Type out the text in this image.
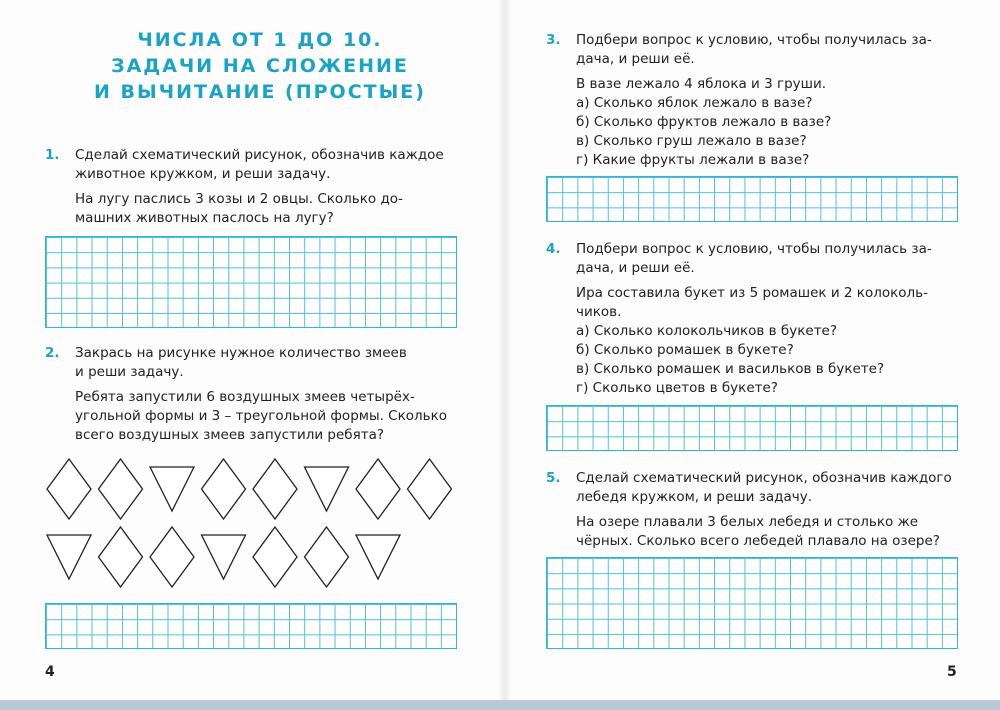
ЧИСЛА ОТ 1 ДО 10.
ЗАДАЧИ НА СЛОЖЕНИЕ
И ВЫЧИТАНИЕ (ПРОСТЫЕ)
1. Сделай схематический рисунок, обозначив каждое
животное кружком, и реши задачу.
На лугу паслись 3 козы и 2 овцы. Сколько до-
машних животных паслось на лугу?
2. Закрась на рисунке нужное количество змеев
и реши задачу.
Ребята запустили 6 воздушных змеев четырёх-
угольной формы и 3 – треугольной формы. Сколько
всего воздушных змеев запустили ребята?
4
3. Подбери вопрос к условию, чтобы получилась за-
дача, и реши её.
В вазе лежало 4 яблока и 3 груши.
а) Сколько яблок лежало в вазе?
б) Сколько фруктов лежало в вазе?
в) Сколько груш лежало в вазе?
г) Какие фрукты лежали в вазе?
4. Подбери вопрос к условию, чтобы получилась за-
дача, и реши её.
Ира составила букет из 5 ромашек и 2 колоколь-
чиков.
а) Сколько колокольчиков в букете?
б) Сколько ромашек в букете?
в) Сколько ромашек и васильков в букете?
г) Сколько цветов в букете?
5. Сделай схематический рисунок, обозначив каждого
лебедя кружком, и реши задачу.
На озере плавали 3 белых лебедя и столько же
чёрных. Сколько всего лебедей плавало на озере?
5
